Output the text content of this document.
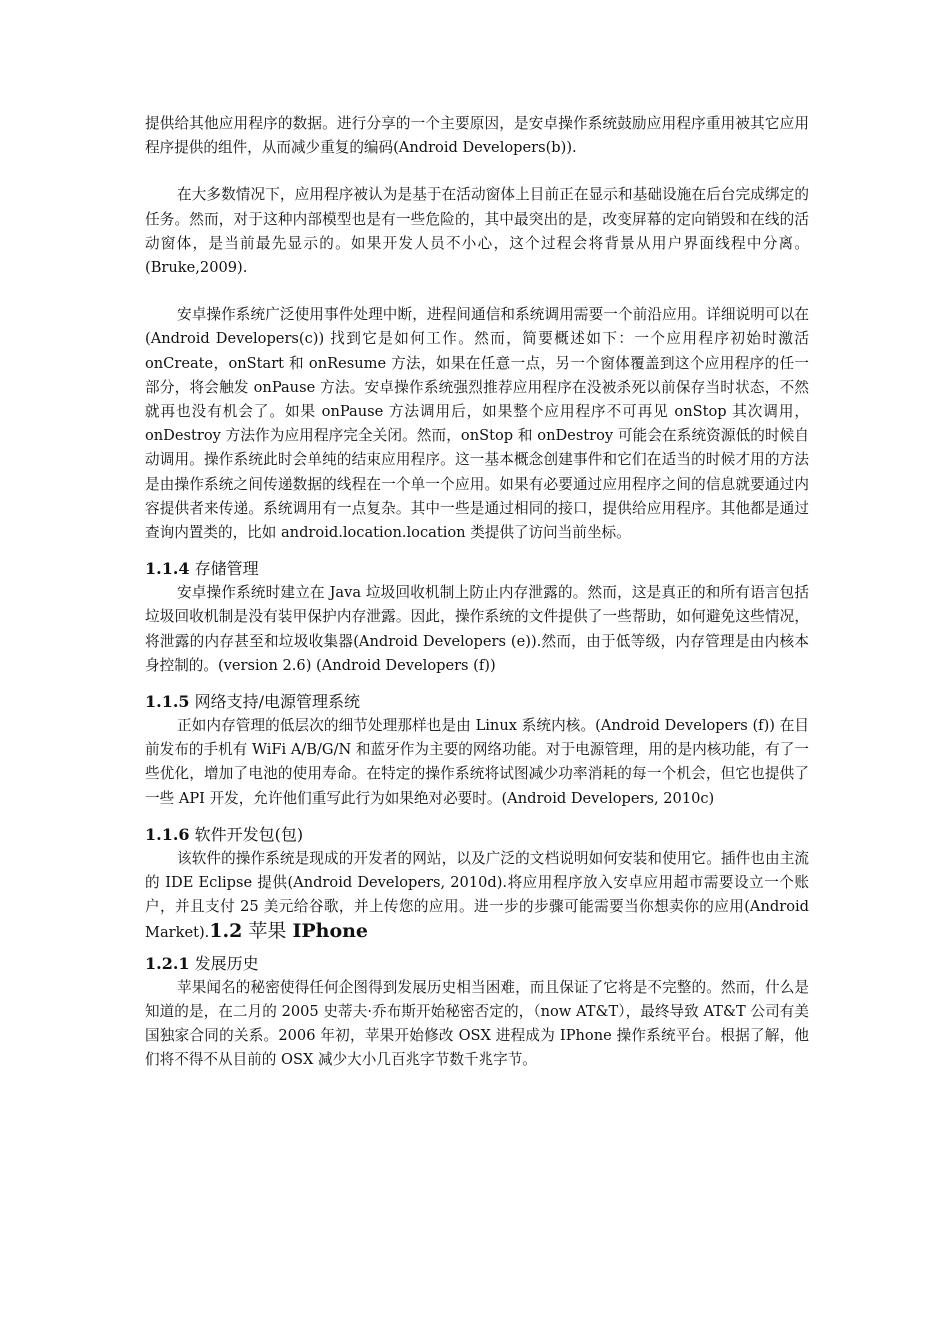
提供给其他应用程序的数据。进行分享的一个主要原因，是安卓操作系统鼓励应用程序重用被其它应用程序提供的组件，从而减少重复的编码(Android Developers(b)).

在大多数情况下，应用程序被认为是基于在活动窗体上目前正在显示和基础设施在后台完成绑定的任务。然而，对于这种内部模型也是有一些危险的，其中最突出的是，改变屏幕的定向销毁和在线的活动窗体，是当前最先显示的。如果开发人员不小心，这个过程会将背景从用户界面线程中分离。(Bruke,2009).

安卓操作系统广泛使用事件处理中断，进程间通信和系统调用需要一个前沿应用。详细说明可以在(Android Developers(c)) 找到它是如何工作。然而，简要概述如下：一个应用程序初始时激活 onCreate，onStart 和 onResume 方法，如果在任意一点，另一个窗体覆盖到这个应用程序的任一部分，将会触发 onPause 方法。安卓操作系统强烈推荐应用程序在没被杀死以前保存当时状态，不然就再也没有机会了。如果 onPause 方法调用后，如果整个应用程序不可再见 onStop 其次调用，onDestroy 方法作为应用程序完全关闭。然而，onStop 和 onDestroy 可能会在系统资源低的时候自动调用。操作系统此时会单纯的结束应用程序。这一基本概念创建事件和它们在适当的时候才用的方法是由操作系统之间传递数据的线程在一个单一个应用。如果有必要通过应用程序之间的信息就要通过内容提供者来传递。系统调用有一点复杂。其中一些是通过相同的接口，提供给应用程序。其他都是通过查询内置类的，比如 android.location.location 类提供了访问当前坐标。

1.1.4 存储管理

安卓操作系统时建立在 Java 垃圾回收机制上防止内存泄露的。然而，这是真正的和所有语言包括垃圾回收机制是没有装甲保护内存泄露。因此，操作系统的文件提供了一些帮助，如何避免这些情况，将泄露的内存甚至和垃圾收集器(Android Developers (e)).然而，由于低等级，内存管理是由内核本身控制的。(version 2.6) (Android Developers (f))

1.1.5 网络支持/电源管理系统

正如内存管理的低层次的细节处理那样也是由 Linux 系统内核。(Android Developers (f)) 在目前发布的手机有 WiFi A/B/G/N 和蓝牙作为主要的网络功能。对于电源管理，用的是内核功能，有了一些优化，增加了电池的使用寿命。在特定的操作系统将试图减少功率消耗的每一个机会，但它也提供了一些 API 开发，允许他们重写此行为如果绝对必要时。(Android Developers, 2010c)

1.1.6 软件开发包(包)

该软件的操作系统是现成的开发者的网站，以及广泛的文档说明如何安装和使用它。插件也由主流的 IDE Eclipse 提供(Android Developers, 2010d).将应用程序放入安卓应用超市需要设立一个账户，并且支付 25 美元给谷歌，并上传您的应用。进一步的步骤可能需要当你想卖你的应用(Android Market).1.2 苹果 IPhone

1.2.1 发展历史

苹果闻名的秘密使得任何企图得到发展历史相当困难，而且保证了它将是不完整的。然而，什么是知道的是，在二月的 2005 史蒂夫·乔布斯开始秘密否定的，（now AT&T），最终导致 AT&T 公司有美国独家合同的关系。2006 年初，苹果开始修改 OSX 进程成为 IPhone 操作系统平台。根据了解，他们将不得不从目前的 OSX 减少大小几百兆字节数千兆字节。
